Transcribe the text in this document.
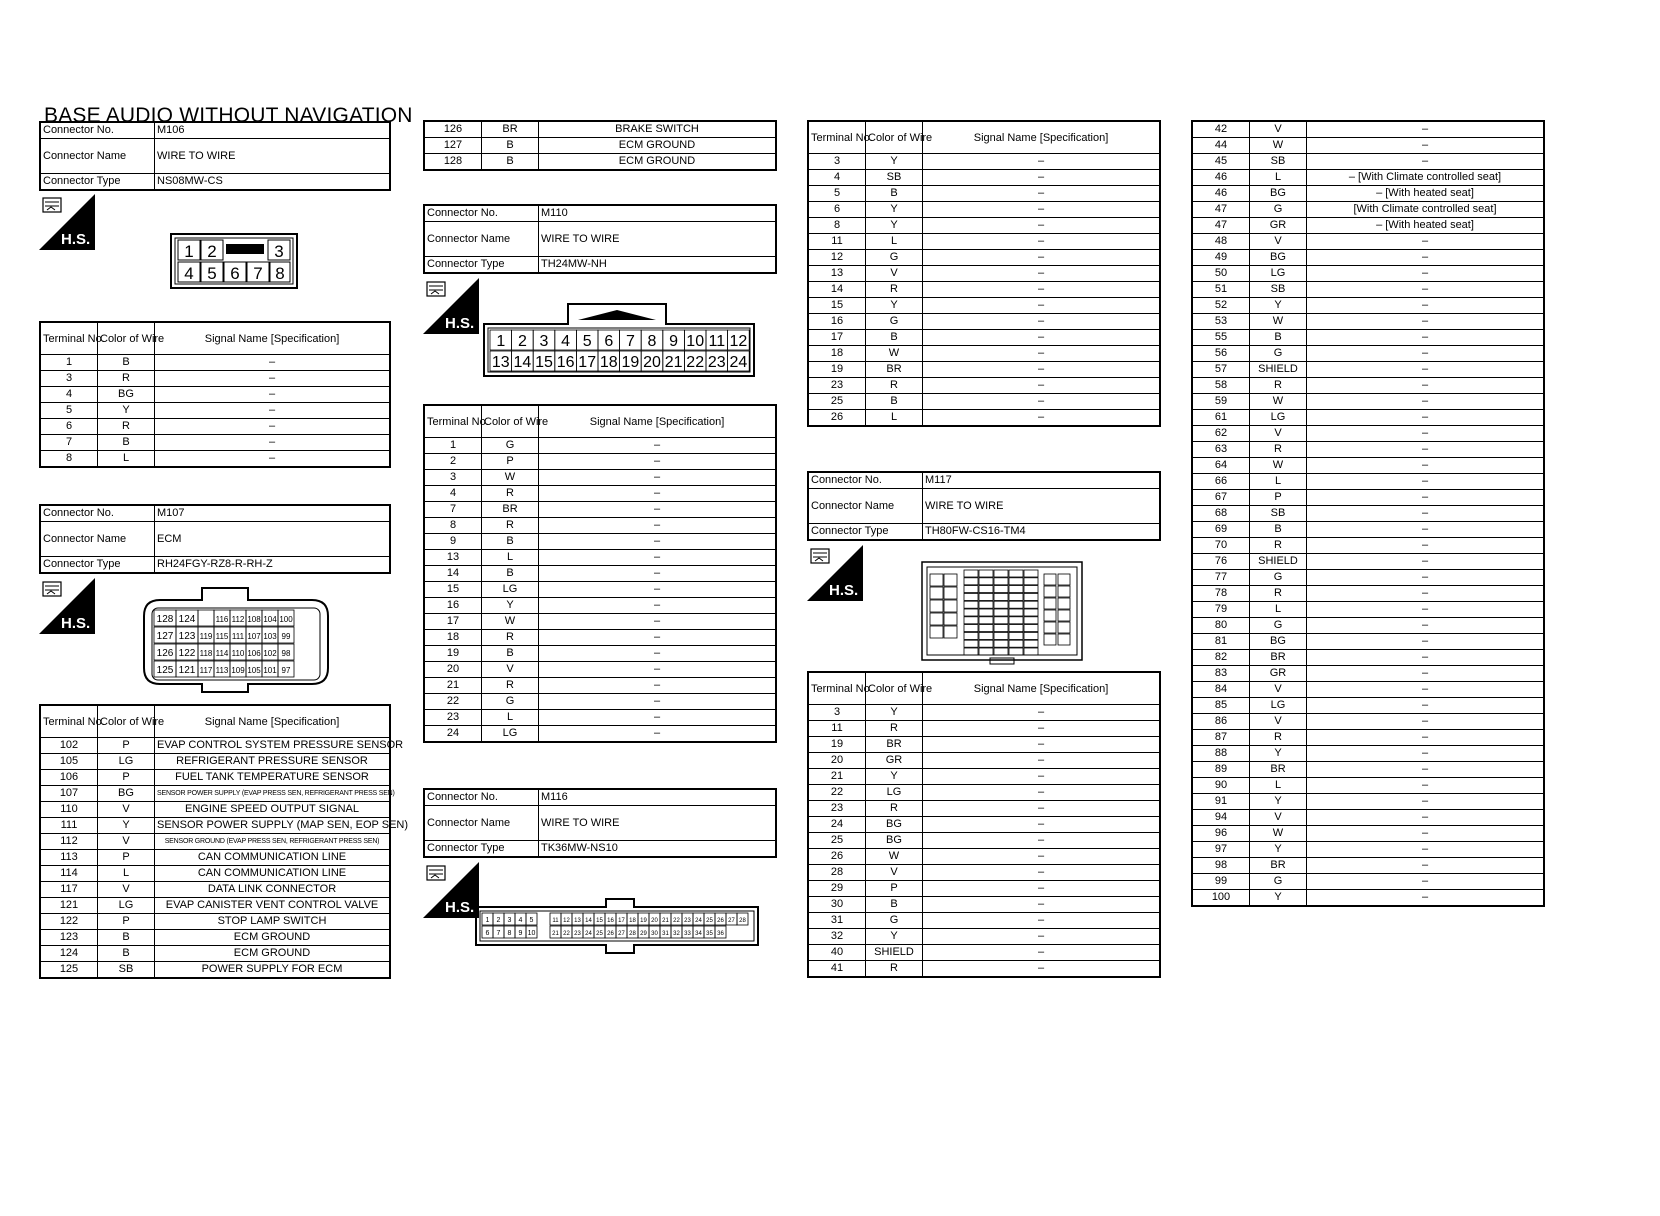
BASE AUDIO WITHOUT NAVIGATION
Connector No.	M106
Connector Name	WIRE TO WIRE
Connector Type	NS08MW-CS
H.S.
1 2	3
4 5 6 7 8
Terminal No.	Color of Wire	Signal Name [Specification]
1	B	–
3	R	–
4	BG	–
5	Y	–
6	R	–
7	B	–
8	L	–
Connector No.	M107
Connector Name	ECM
Connector Type	RH24FGY-RZ8-R-RH-Z
H.S.	128 124	116 112 108 104 100
127 123 119 115 111 107 103 99
126 122 118 114 110 106 102 98
125 121 117 113 109 105 101 97
Terminal No.	Color of Wire	Signal Name [Specification]
102	P	EVAP CONTROL SYSTEM PRESSURE SENSOR
105	LG	REFRIGERANT PRESSURE SENSOR
106	P	FUEL TANK TEMPERATURE SENSOR
107	BG	SENSOR POWER SUPPLY (EVAP PRESS SEN, REFRIGERANT PRESS SEN)
110	V	ENGINE SPEED OUTPUT SIGNAL
111	Y	SENSOR POWER SUPPLY (MAP SEN, EOP SEN)
112	V	SENSOR GROUND (EVAP PRESS SEN, REFRIGERANT PRESS SEN)
113	P	CAN COMMUNICATION LINE
114	L	CAN COMMUNICATION LINE
117	V	DATA LINK CONNECTOR
121	LG	EVAP CANISTER VENT CONTROL VALVE
122	P	STOP LAMP SWITCH
123	B	ECM GROUND
124	B	ECM GROUND
125	SB	POWER SUPPLY FOR ECM
126	BR	BRAKE SWITCH
127	B	ECM GROUND
128	B	ECM GROUND
Connector No.	M110
Connector Name	WIRE TO WIRE
Connector Type	TH24MW-NH
H.S.
1 2 3 4 5 6 7 8 9 10 11 12
13 14 15 16 17 18 19 20 21 22 23 24
Terminal No.	Color of Wire	Signal Name [Specification]
1	G	–
2	P	–
3	W	–
4	R	–
7	BR	–
8	R	–
9	B	–
13	L	–
14	B	–
15	LG	–
16	Y	–
17	W	–
18	R	–
19	B	–
20	V	–
21	R	–
22	G	–
23	L	–
24	LG	–
Connector No.	M116
Connector Name	WIRE TO WIRE
Connector Type	TK36MW-NS10
H.S.
1 2 3 4 5
6 7 8 9 10
11 12 13 14 15 16 17 18 19 20 21 22 23 24 25 26 27 28
21 22 23 24 25 26 27 28 29 30 31 32 33 34 35 36
Terminal No.	Color of Wire	Signal Name [Specification]
3	Y	–
4	SB	–
5	B	–
6	Y	–
8	Y	–
11	L	–
12	G	–
13	V	–
14	R	–
15	Y	–
16	G	–
17	B	–
18	W	–
19	BR	–
23	R	–
25	B	–
26	L	–
Connector No.	M117
Connector Name	WIRE TO WIRE
Connector Type	TH80FW-CS16-TM4
H.S.
Terminal No.	Color of Wire	Signal Name [Specification]
3	Y	–
11	R	–
19	BR	–
20	GR	–
21	Y	–
22	LG	–
23	R	–
24	BG	–
25	BG	–
26	W	–
28	V	–
29	P	–
30	B	–
31	G	–
32	Y	–
40	SHIELD	–
41	R	–
42	V	–
44	W	–
45	SB	–
46	L	– [With Climate controlled seat]
46	BG	– [With heated seat]
47	G	[With Climate controlled seat]
47	GR	– [With heated seat]
48	V	–
49	BG	–
50	LG	–
51	SB	–
52	Y	–
53	W	–
55	B	–
56	G	–
57	SHIELD	–
58	R	–
59	W	–
61	LG	–
62	V	–
63	R	–
64	W	–
66	L	–
67	P	–
68	SB	–
69	B	–
70	R	–
76	SHIELD	–
77	G	–
78	R	–
79	L	–
80	G	–
81	BG	–
82	BR	–
83	GR	–
84	V	–
85	LG	–
86	V	–
87	R	–
88	Y	–
89	BR	–
90	L	–
91	Y	–
94	V	–
96	W	–
97	Y	–
98	BR	–
99	G	–
100	Y	–
